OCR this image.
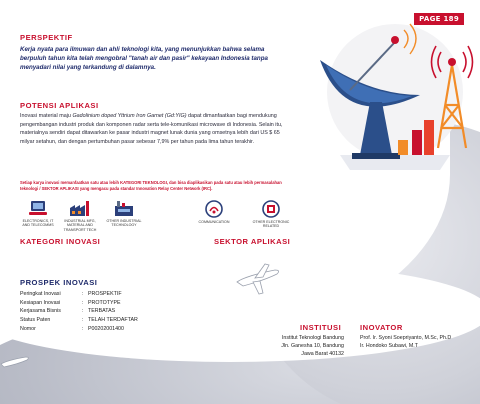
PAGE 189
PERSPEKTIF
Kerja nyata para ilmuwan dan ahli teknologi kita, yang menunjukkan bahwa selama berpuluh tahun kita telah mengobral "tanah air dan pasir" kekayaan Indonesia tanpa menyadari nilai yang terkandung di dalamnya.
POTENSI APLIKASI
Inovasi material maju Gadolinium doped Yttrium Iron Garnet (Gd:YIG) dapat dimanfaatkan bagi mendukung pengembangan industri produk dan komponen radar serta tele-komunikasi microwave di Indonesia. Selain itu, materialnya sendiri dapat ditawarkan ke pasar industri magnet lunak dunia yang omsetnya lebih dari US $ 65 milyar setahun, dan dengan pertumbuhan pasar sebesar 7,9% per tahun pada lima tahun terakhir.
Setiap karya inovasi memanfaatkan satu atau lebih KATEGORI TEKNOLOGI, dan bisa diaplikasikan pada satu atau lebih permasalahan teknologi / SEKTOR APLIKASI yang mengacu pada standar Innovation Relay Center Network (IRC).
ELECTRONICS, IT
AND TELECOMMS
INDUSTRIAL MFG,
MATERIAL AND
TRANSPORT TECH
OTHER INDUSTRIAL
TECHNOLOGY
COMMUNICATION	OTHER ELECTRONIC
RELATED
KATEGORI INOVASI	SEKTOR APLIKASI
PROSPEK INOVASI
Peringkat Inovasi	:	PROSPEKTIF
Kesiapan Inovasi	:	PROTOTYPE
Kerjasama Bisnis	:	TERBATAS
Status Paten	:	TELAH TERDAFTAR
Nomor	:	P00202001400	INSTITUSI
Institut Teknologi Bandung
Jln. Ganesha 10, Bandung
Jawa Barat 40132
INOVATOR
Prof. Ir. Syoni Soepriyanto, M.Sc, Ph.D
Ir. Hondoko Subawi, M.T
